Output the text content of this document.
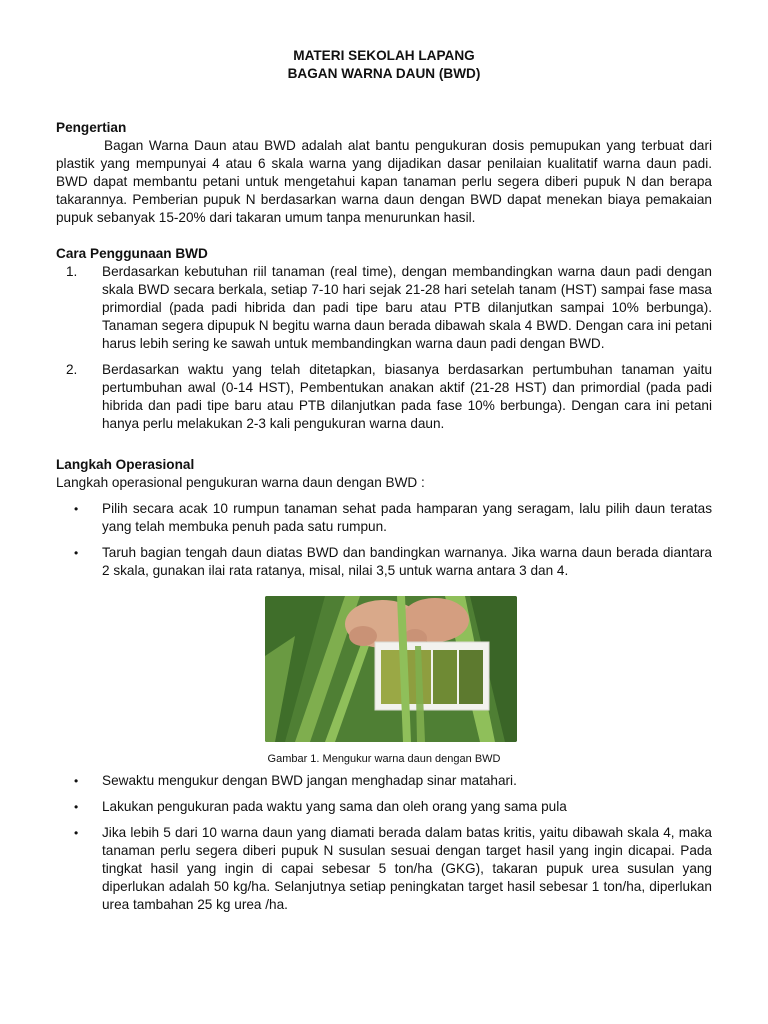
MATERI SEKOLAH LAPANG

BAGAN WARNA DAUN (BWD)

Pengertian

Bagan Warna Daun atau BWD adalah alat bantu pengukuran dosis pemupukan yang terbuat dari plastik yang mempunyai 4 atau 6 skala warna yang dijadikan dasar penilaian kualitatif warna daun padi. BWD dapat membantu petani untuk mengetahui kapan tanaman perlu segera diberi pupuk N dan berapa takarannya. Pemberian pupuk N berdasarkan warna daun dengan BWD dapat menekan biaya pemakaian pupuk sebanyak 15-20% dari takaran umum tanpa menurunkan hasil.

Cara Penggunaan BWD

1. Berdasarkan kebutuhan riil tanaman (real time), dengan membandingkan warna daun padi dengan skala BWD secara berkala, setiap 7-10 hari sejak 21-28 hari setelah tanam (HST) sampai fase masa primordial (pada padi hibrida dan padi tipe baru atau PTB dilanjutkan sampai 10% berbunga). Tanaman segera dipupuk N begitu warna daun berada dibawah skala 4 BWD. Dengan cara ini petani harus lebih sering ke sawah untuk membandingkan warna daun padi dengan BWD.
2. Berdasarkan waktu yang telah ditetapkan, biasanya berdasarkan pertumbuhan tanaman yaitu pertumbuhan awal (0-14 HST), Pembentukan anakan aktif (21-28 HST) dan primordial (pada padi hibrida dan padi tipe baru atau PTB dilanjutkan pada fase 10% berbunga). Dengan cara ini petani hanya perlu melakukan 2-3 kali pengukuran warna daun.

Langkah Operasional

Langkah operasional pengukuran warna daun dengan BWD :

• Pilih secara acak 10 rumpun tanaman sehat pada hamparan yang seragam, lalu pilih daun teratas yang telah membuka penuh pada satu rumpun.
• Taruh bagian tengah daun diatas BWD dan bandingkan warnanya. Jika warna daun berada diantara 2 skala, gunakan ilai rata ratanya, misal, nilai 3,5 untuk warna antara 3 dan 4.

Gambar 1. Mengukur warna daun dengan BWD

• Sewaktu mengukur dengan BWD jangan menghadap sinar matahari.
• Lakukan pengukuran pada waktu yang sama dan oleh orang yang sama pula
• Jika lebih 5 dari 10 warna daun yang diamati berada dalam batas kritis, yaitu dibawah skala 4, maka tanaman perlu segera diberi pupuk N susulan sesuai dengan target hasil yang ingin dicapai. Pada tingkat hasil yang ingin di capai sebesar 5 ton/ha (GKG), takaran pupuk urea susulan yang diperlukan adalah 50 kg/ha. Selanjutnya setiap peningkatan target hasil sebesar 1 ton/ha, diperlukan urea tambahan 25 kg urea /ha.
